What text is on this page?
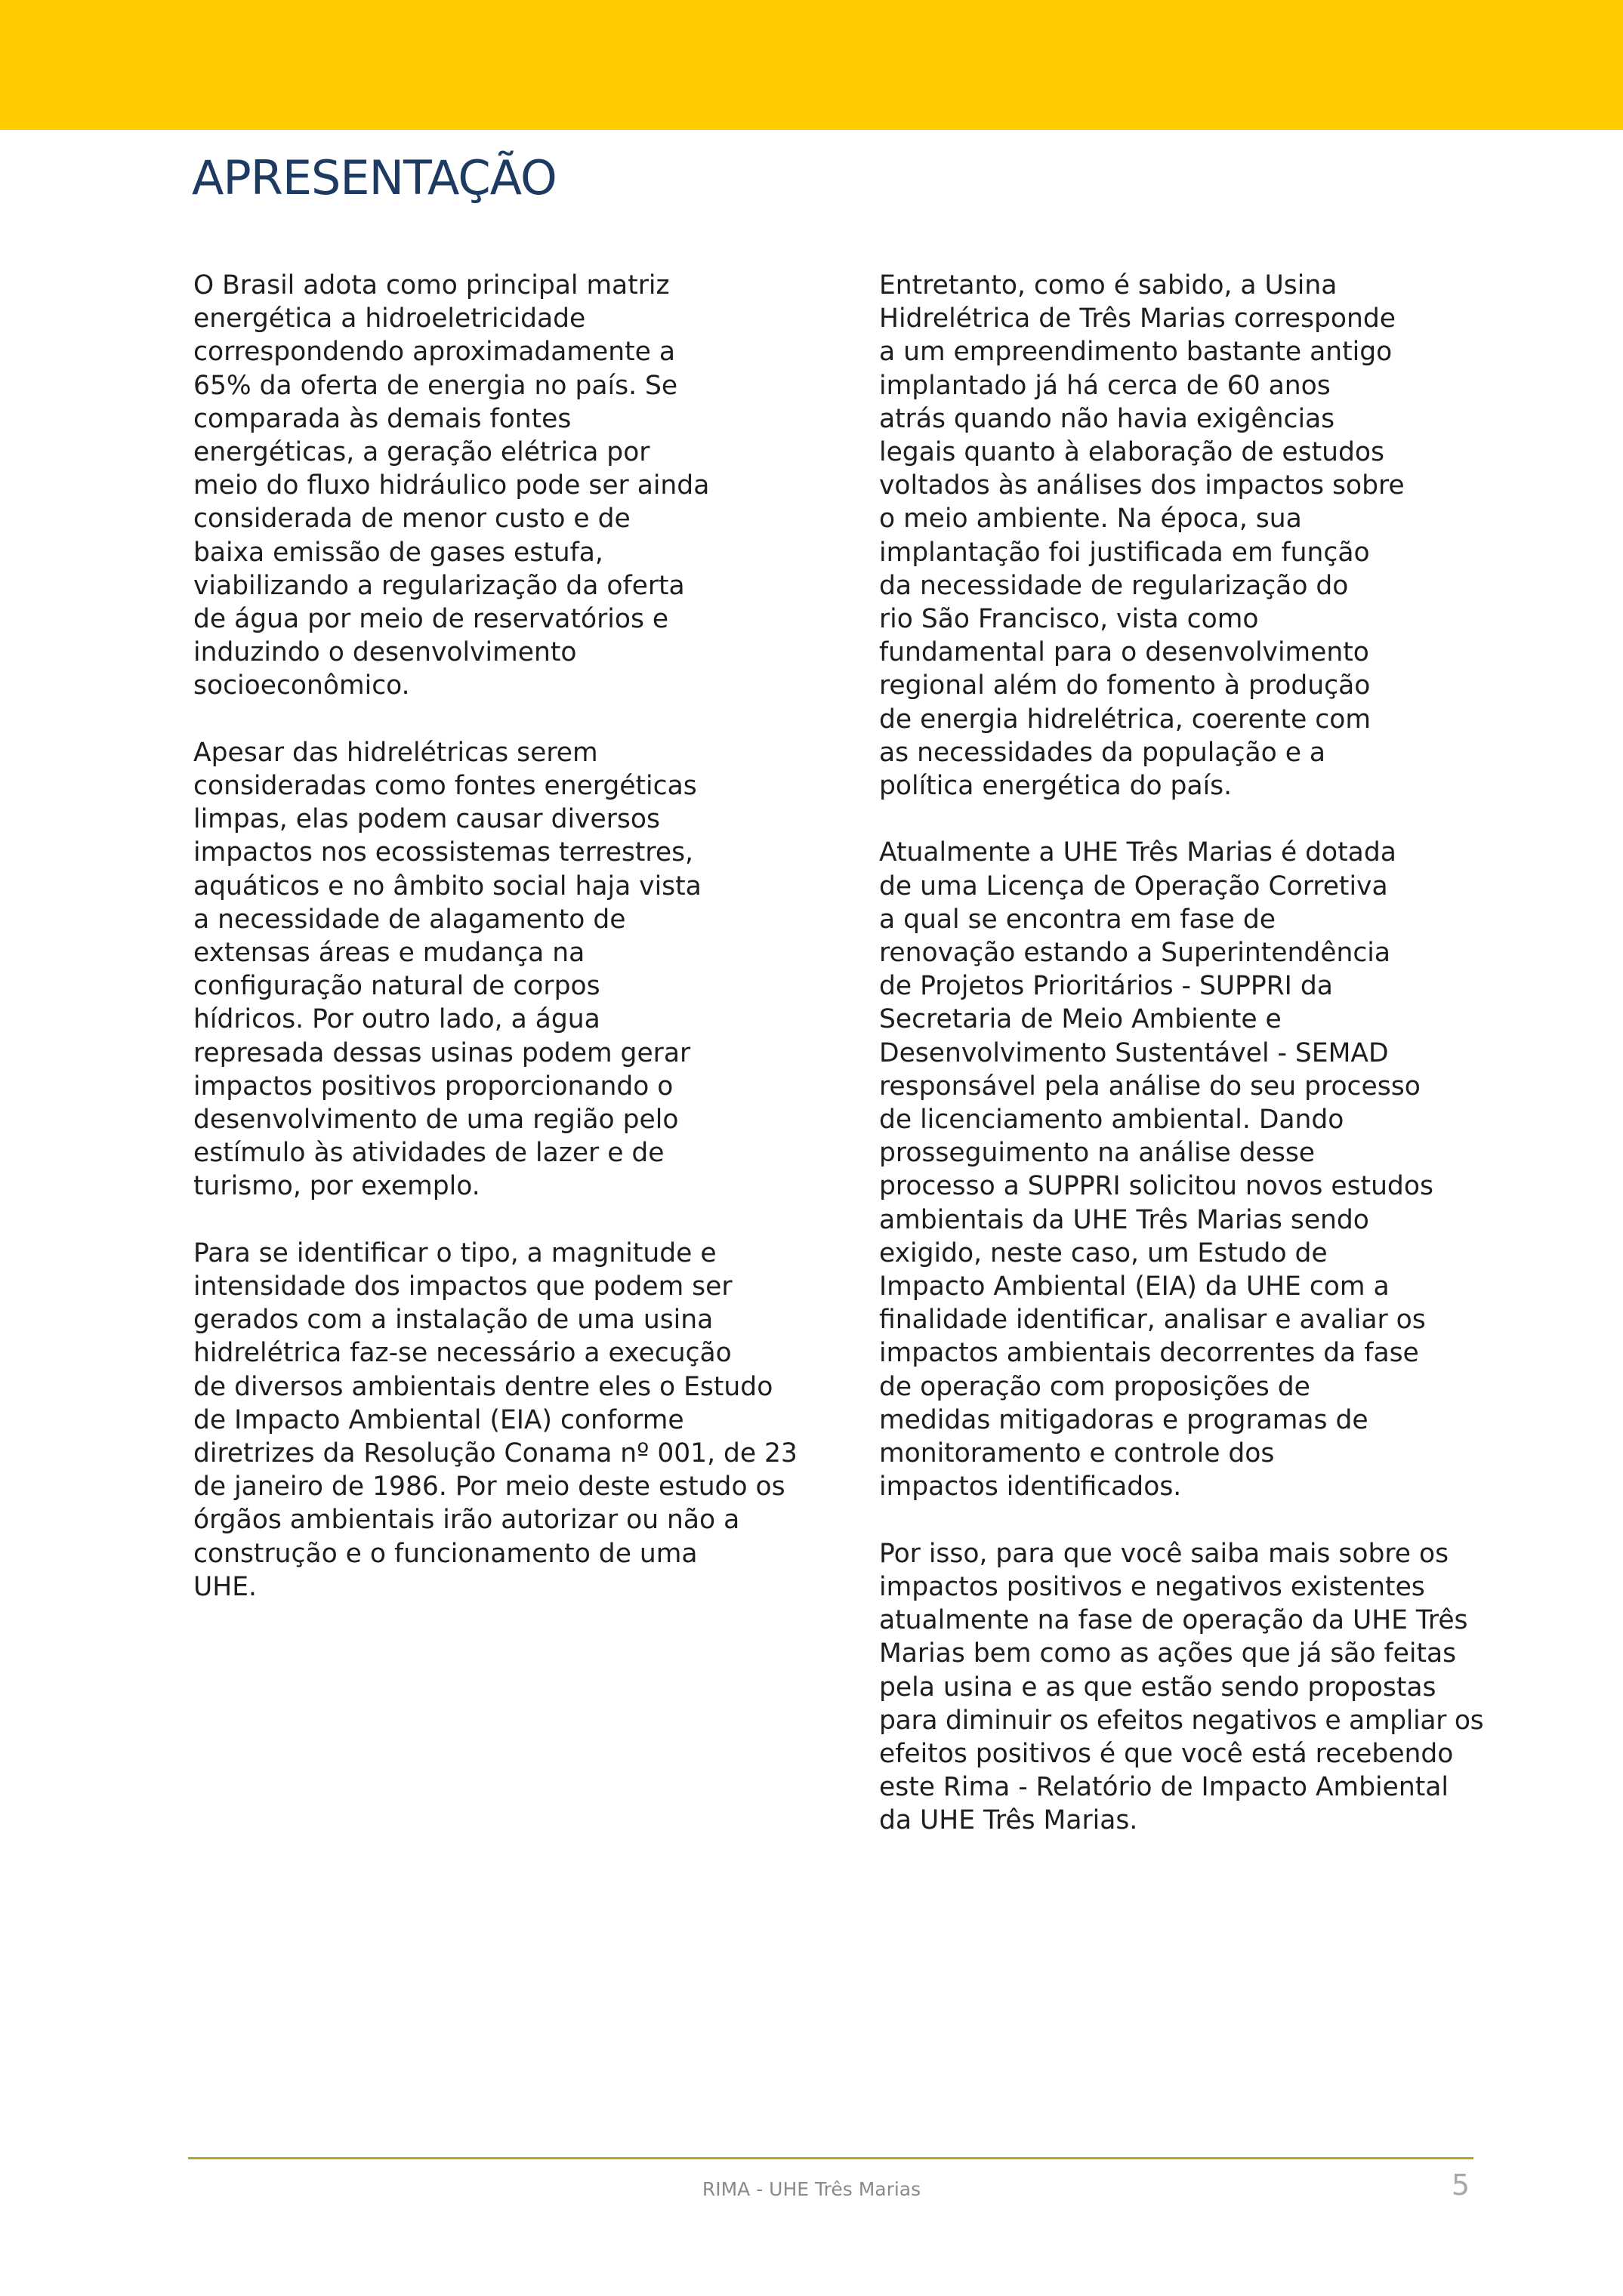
APRESENTAÇÃO

O Brasil adota como principal matriz
energética a hidroeletricidade
correspondendo aproximadamente a
65% da oferta de energia no país. Se
comparada às demais fontes
energéticas, a geração elétrica por
meio do fluxo hidráulico pode ser ainda
considerada de menor custo e de
baixa emissão de gases estufa,
viabilizando a regularização da oferta
de água por meio de reservatórios e
induzindo o desenvolvimento
socioeconômico.

Apesar das hidrelétricas serem
consideradas como fontes energéticas
limpas, elas podem causar diversos
impactos nos ecossistemas terrestres,
aquáticos e no âmbito social haja vista
a necessidade de alagamento de
extensas áreas e mudança na
configuração natural de corpos
hídricos. Por outro lado, a água
represada dessas usinas podem gerar
impactos positivos proporcionando o
desenvolvimento de uma região pelo
estímulo às atividades de lazer e de
turismo, por exemplo.

Para se identificar o tipo, a magnitude e
intensidade dos impactos que podem ser
gerados com a instalação de uma usina
hidrelétrica faz-se necessário a execução
de diversos ambientais dentre eles o Estudo
de Impacto Ambiental (EIA) conforme
diretrizes da Resolução Conama nº 001, de 23
de janeiro de 1986. Por meio deste estudo os
órgãos ambientais irão autorizar ou não a
construção e o funcionamento de uma
UHE.

Entretanto, como é sabido, a Usina
Hidrelétrica de Três Marias corresponde
a um empreendimento bastante antigo
implantado já há cerca de 60 anos
atrás quando não havia exigências
legais quanto à elaboração de estudos
voltados às análises dos impactos sobre
o meio ambiente. Na época, sua
implantação foi justificada em função
da necessidade de regularização do
rio São Francisco, vista como
fundamental para o desenvolvimento
regional além do fomento à produção
de energia hidrelétrica, coerente com
as necessidades da população e a
política energética do país.

Atualmente a UHE Três Marias é dotada
de uma Licença de Operação Corretiva
a qual se encontra em fase de
renovação estando a Superintendência
de Projetos Prioritários - SUPPRI da
Secretaria de Meio Ambiente e
Desenvolvimento Sustentável - SEMAD
responsável pela análise do seu processo
de licenciamento ambiental. Dando
prosseguimento na análise desse
processo a SUPPRI solicitou novos estudos
ambientais da UHE Três Marias sendo
exigido, neste caso, um Estudo de
Impacto Ambiental (EIA) da UHE com a
finalidade identificar, analisar e avaliar os
impactos ambientais decorrentes da fase
de operação com proposições de
medidas mitigadoras e programas de
monitoramento e controle dos
impactos identificados.

Por isso, para que você saiba mais sobre os
impactos positivos e negativos existentes
atualmente na fase de operação da UHE Três
Marias bem como as ações que já são feitas
pela usina e as que estão sendo propostas
para diminuir os efeitos negativos e ampliar os
efeitos positivos é que você está recebendo
este Rima - Relatório de Impacto Ambiental
da UHE Três Marias.

RIMA - UHE Três Marias	5
